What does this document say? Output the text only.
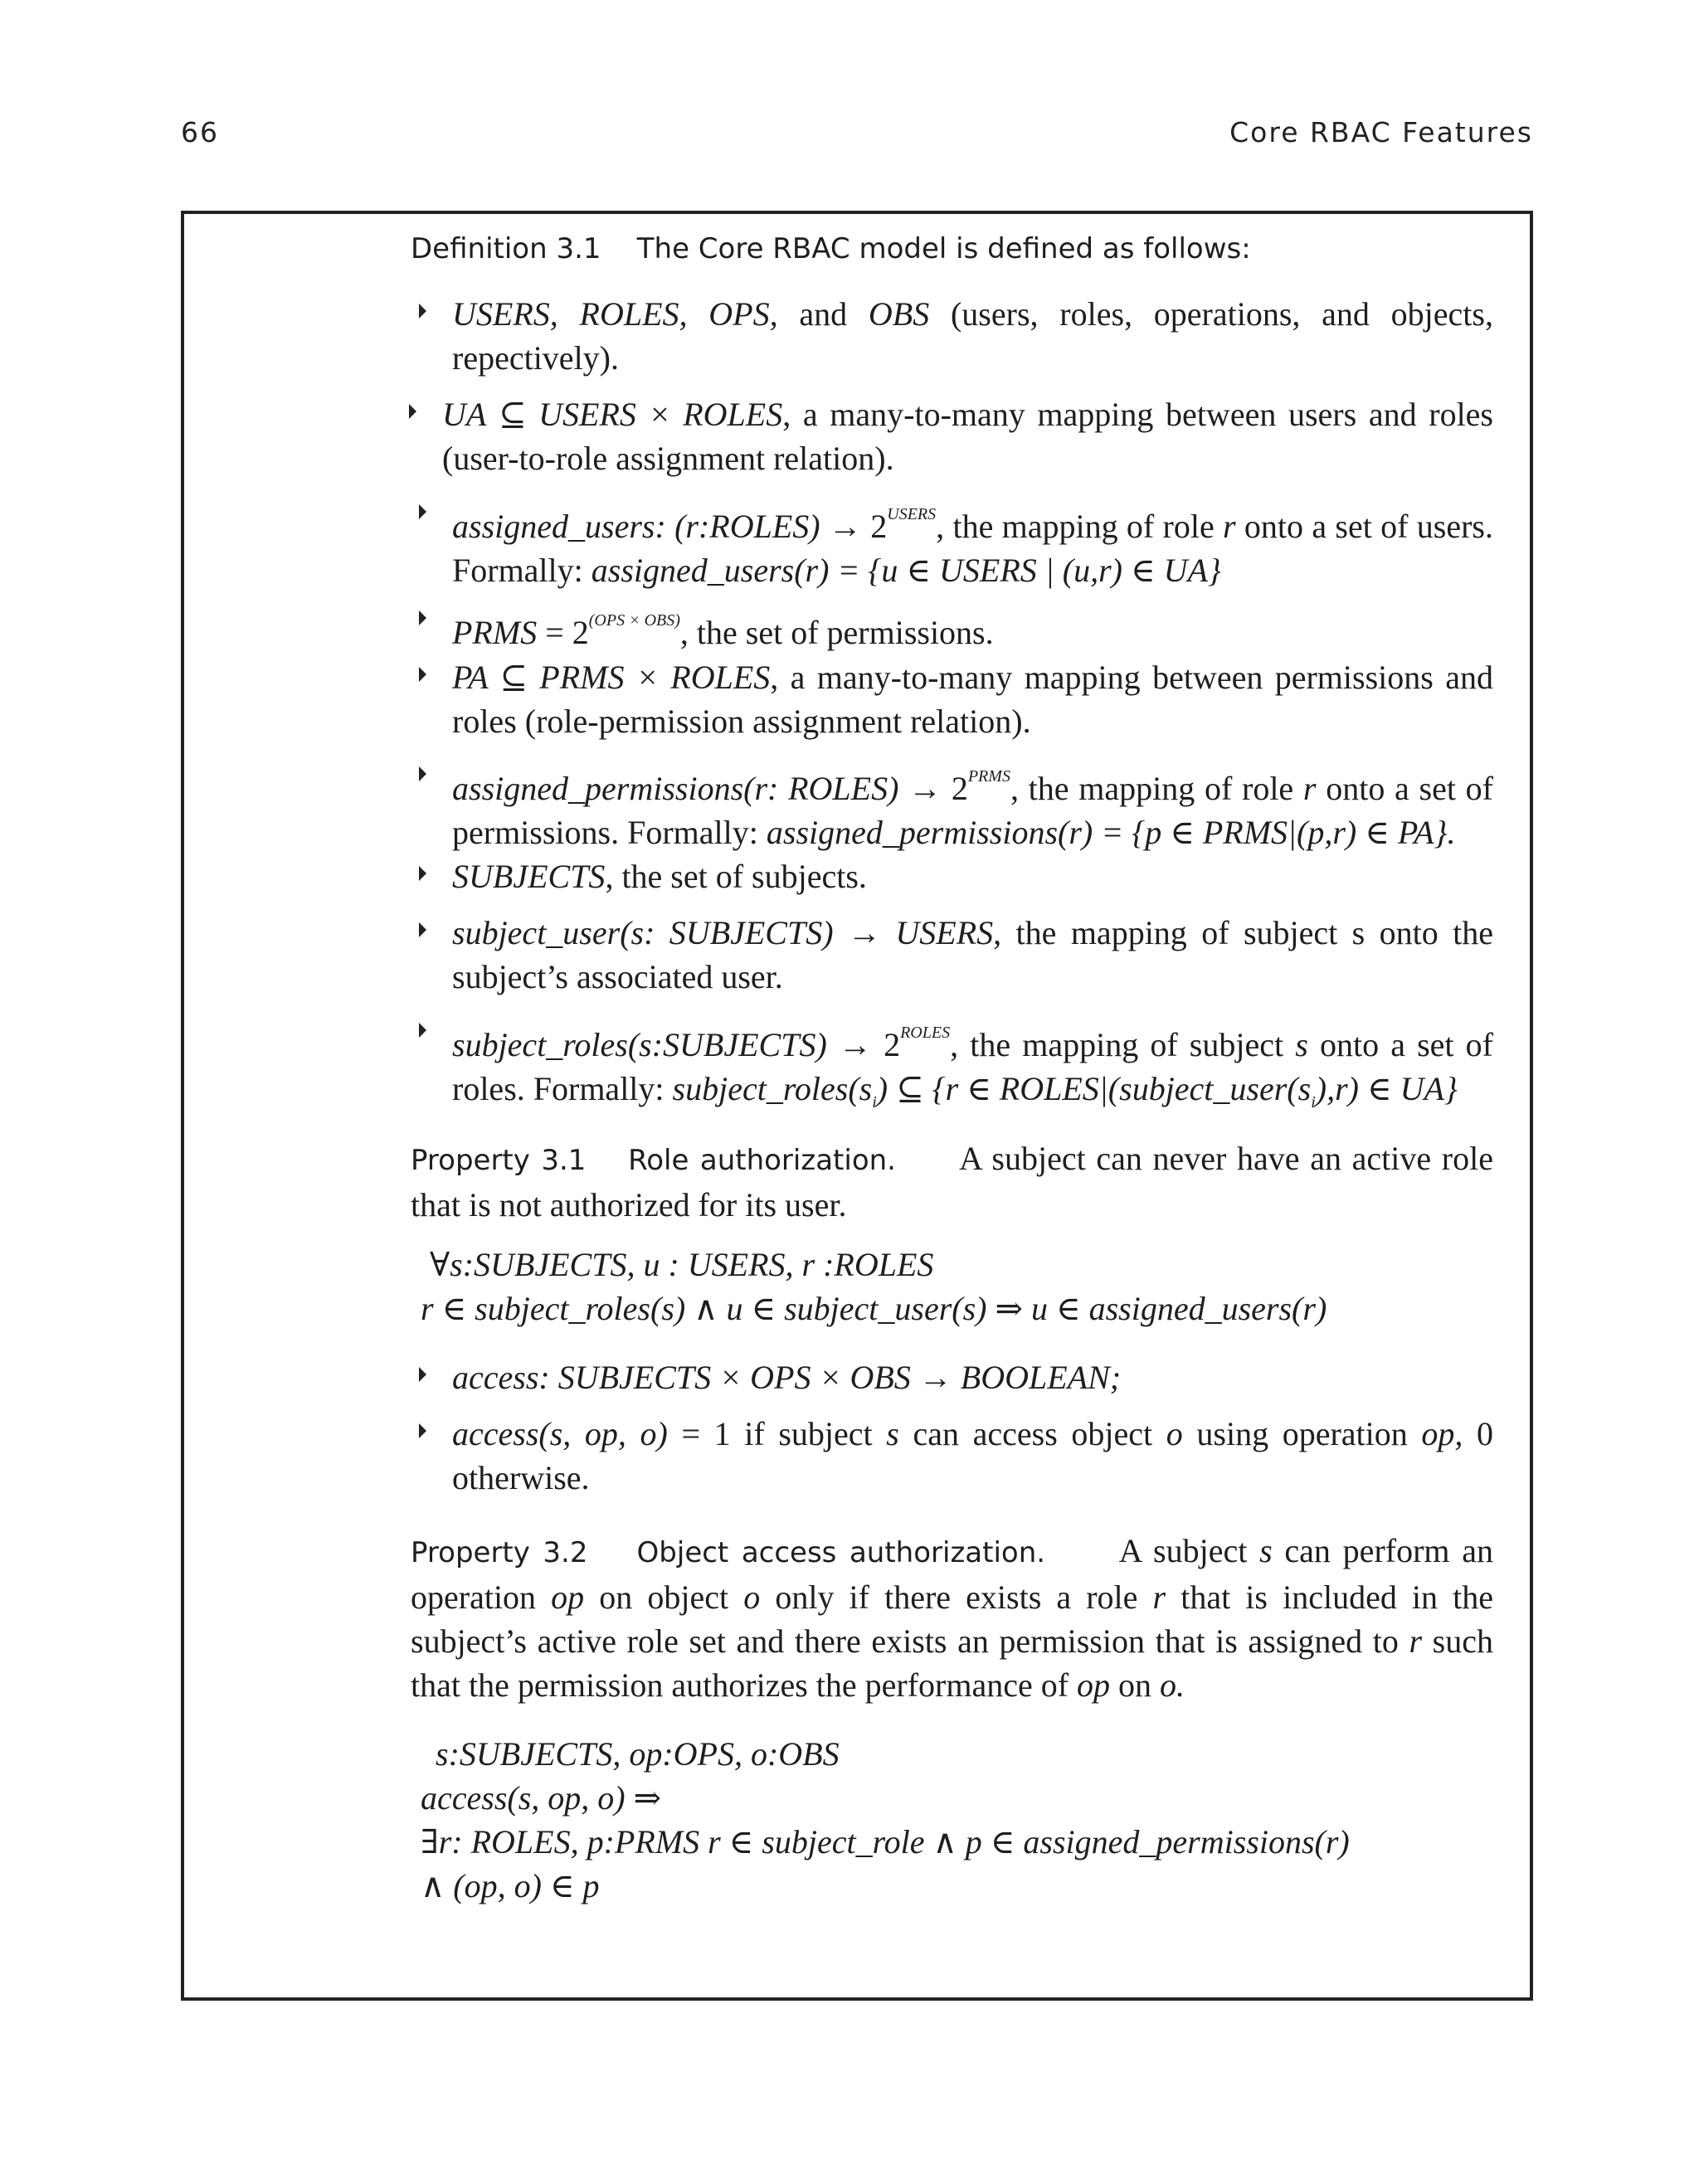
66	Core RBAC Features
Definition 3.1 The Core RBAC model is defined as follows:
USERS, ROLES, OPS, and OBS (users, roles, operations, and objects, repectively).
UA ⊆ USERS × ROLES, a many-to-many mapping between users and roles (user-to-role assignment relation).
assigned_users: (r:ROLES) → $2^{USERS}$, the mapping of role r onto a set of users. Formally: assigned_users(r) = {u ∈ USERS | (u,r) ∈ UA}
PRMS = $2^{(OPS \times OBS)}$, the set of permissions.
PA ⊆ PRMS × ROLES, a many-to-many mapping between permissions and roles (role-permission assignment relation).
assigned_permissions(r: ROLES) → $2^{PRMS}$, the mapping of role r onto a set of permissions. Formally: assigned_permissions(r) = {p ∈ PRMS|(p,r) ∈ PA}.
SUBJECTS, the set of subjects.
subject_user(s: SUBJECTS) → USERS, the mapping of subject s onto the subject’s associated user.
subject_roles(s:SUBJECTS) → $2^{ROLES}$, the mapping of subject s onto a set of roles. Formally: $subject\_roles(s_i)$ ⊆ {r ∈ $ROLES|(subject\_user(s_i),r)$ ∈ UA}
Property 3.1 Role authorization. A subject can never have an active role that is not authorized for its user.
∀s:SUBJECTS, u : USERS, r :ROLES
r ∈ subject_roles(s) ∧ u ∈ subject_user(s) ⇒ u ∈ assigned_users(r)
access: SUBJECTS × OPS × OBS → BOOLEAN;
access(s, op, o) = 1 if subject s can access object o using operation op, 0 otherwise.
Property 3.2 Object access authorization. A subject s can perform an operation op on object o only if there exists a role r that is included in the subject’s active role set and there exists an permission that is assigned to r such that the permission authorizes the performance of op on o.
s:SUBJECTS, op:OPS, o:OBS
access(s, op, o) ⇒
∃r: ROLES, p:PRMS r ∈ subject_role ∧ p ∈ assigned_permissions(r)
∧ (op, o) ∈ p
